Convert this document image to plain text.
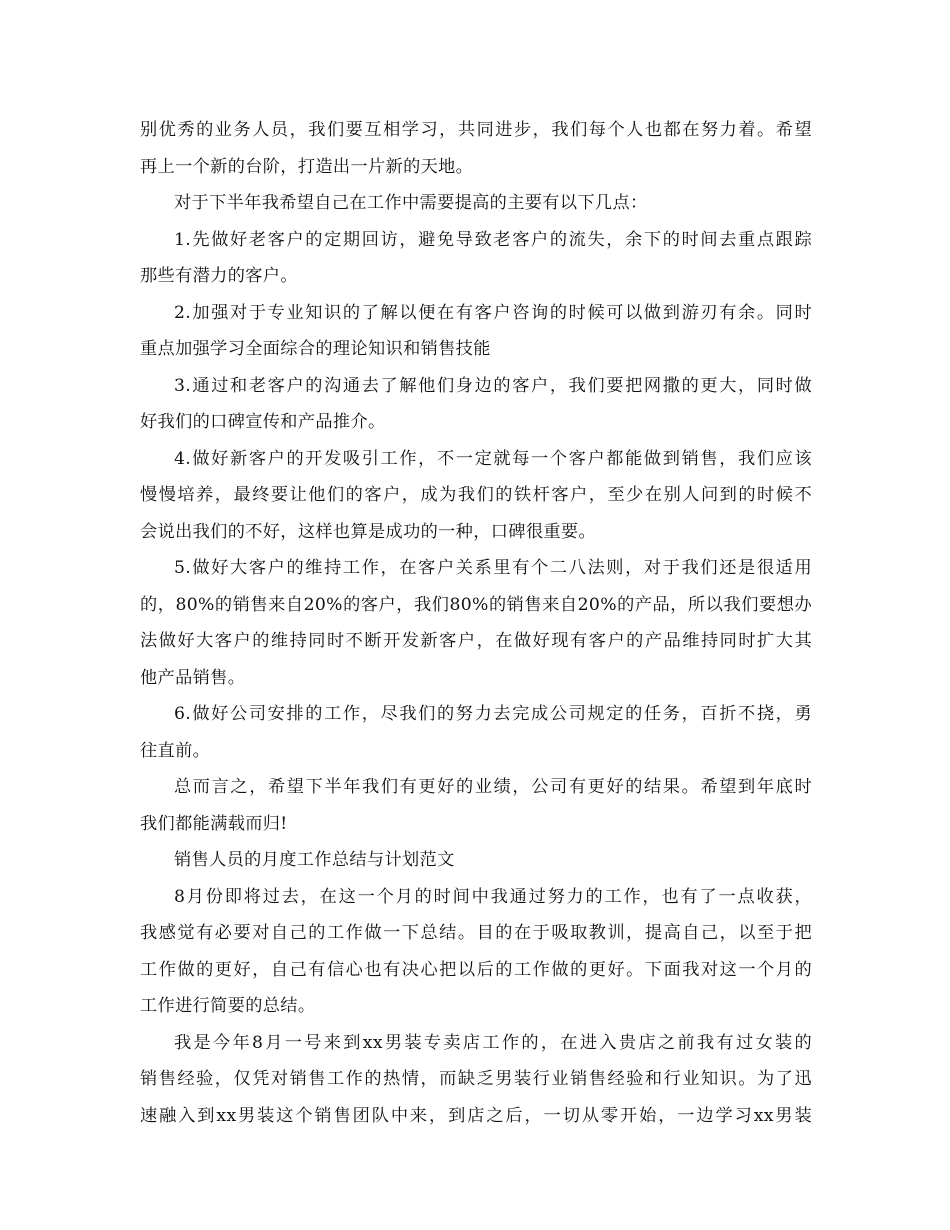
别优秀的业务人员，我们要互相学习，共同进步，我们每个人也都在努力着。希望
再上一个新的台阶，打造出一片新的天地。
对于下半年我希望自己在工作中需要提高的主要有以下几点：
1.先做好老客户的定期回访，避免导致老客户的流失，余下的时间去重点跟踪
那些有潜力的客户。
2.加强对于专业知识的了解以便在有客户咨询的时候可以做到游刃有余。同时
重点加强学习全面综合的理论知识和销售技能
3.通过和老客户的沟通去了解他们身边的客户，我们要把网撒的更大，同时做
好我们的口碑宣传和产品推介。
4.做好新客户的开发吸引工作，不一定就每一个客户都能做到销售，我们应该
慢慢培养，最终要让他们的客户，成为我们的铁杆客户，至少在别人问到的时候不
会说出我们的不好，这样也算是成功的一种，口碑很重要。
5.做好大客户的维持工作，在客户关系里有个二八法则，对于我们还是很适用
的，80%的销售来自20%的客户，我们80%的销售来自20%的产品，所以我们要想办
法做好大客户的维持同时不断开发新客户，在做好现有客户的产品维持同时扩大其
他产品销售。
6.做好公司安排的工作，尽我们的努力去完成公司规定的任务，百折不挠，勇
往直前。
总而言之，希望下半年我们有更好的业绩，公司有更好的结果。希望到年底时
我们都能满载而归!
销售人员的月度工作总结与计划范文
8月份即将过去，在这一个月的时间中我通过努力的工作，也有了一点收获，
我感觉有必要对自己的工作做一下总结。目的在于吸取教训，提高自己，以至于把
工作做的更好，自己有信心也有决心把以后的工作做的更好。下面我对这一个月的
工作进行简要的总结。
我是今年8月一号来到xx男装专卖店工作的，在进入贵店之前我有过女装的
销售经验，仅凭对销售工作的热情，而缺乏男装行业销售经验和行业知识。为了迅
速融入到xx男装这个销售团队中来，到店之后，一切从零开始，一边学习xx男装
